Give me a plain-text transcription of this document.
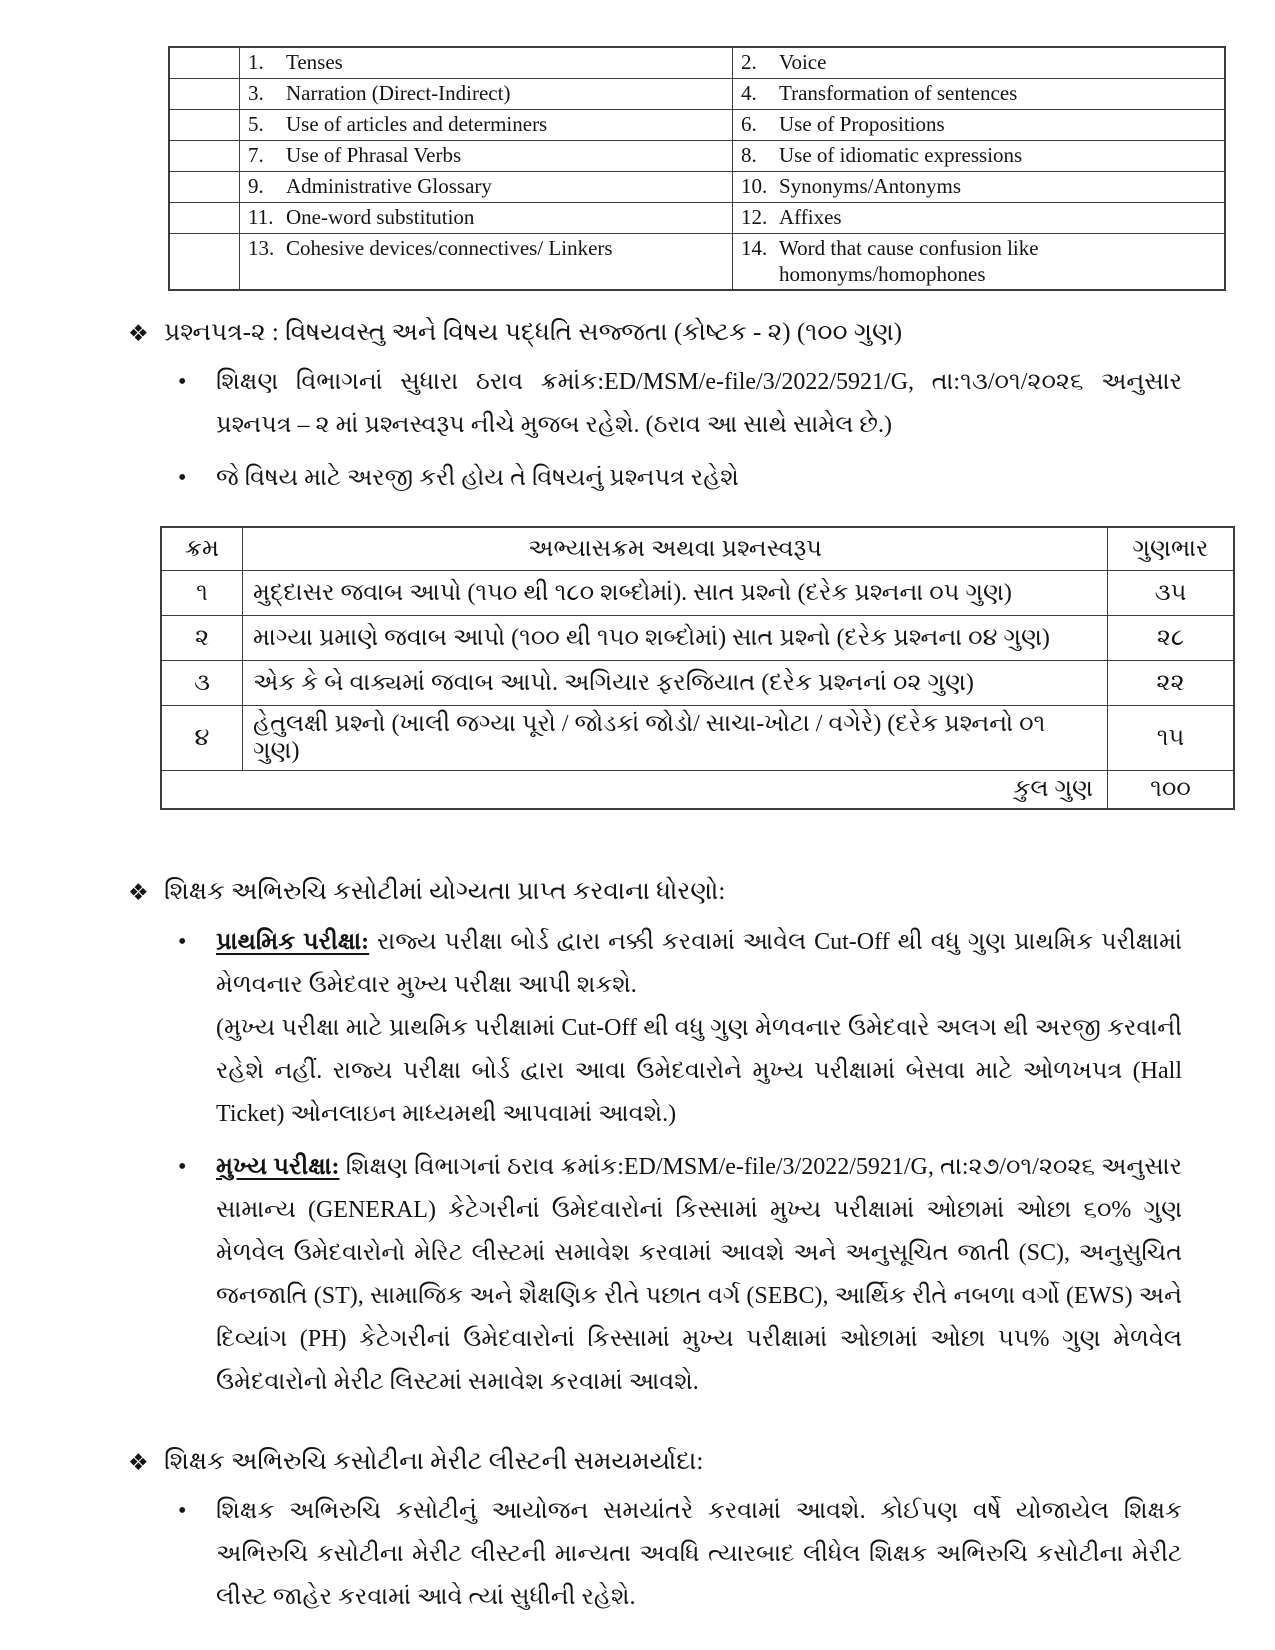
	1. Tenses	2. Voice

	3. Narration (Direct-Indirect)	4. Transformation of sentences

	5. Use of articles and determiners	6. Use of Propositions

	7. Use of Phrasal Verbs	8. Use of idiomatic expressions

	9. Administrative Glossary	10. Synonyms/Antonyms

	11. One-word substitution	12. Affixes

	13. Cohesive devices/connectives/ Linkers	14. Word that cause confusion like homonyms/homophones
❖ પ્રશ્નપત્ર-૨ : વિષયવસ્તુ અને વિષય પદ્ધતિ સજ્જતા (કોષ્ટક - ૨) (૧૦૦ ગુણ)
•	શિક્ષણ વિભાગનાં સુધારા ઠરાવ ક્રમાંક:ED/MSM/e-file/3/2022/5921/G, તા:૧૩/૦૧/૨૦૨૬ અનુસાર પ્રશ્નપત્ર – ૨ માં પ્રશ્નસ્વરૂપ નીચે મુજબ રહેશે. (ઠરાવ આ સાથે સામેલ છે.)
•	જે વિષય માટે અરજી કરી હોય તે વિષયનું પ્રશ્નપત્ર રહેશે
ક્રમ	અભ્યાસક્રમ અથવા પ્રશ્નસ્વરૂપ	ગુણભાર
૧	મુદ્દાસર જવાબ આપો (૧૫૦ થી ૧૮૦ શબ્દોમાં). સાત પ્રશ્નો (દરેક પ્રશ્નના ૦૫ ગુણ)	૩૫
૨	માગ્યા પ્રમાણે જવાબ આપો (૧૦૦ થી ૧૫૦ શબ્દોમાં) સાત પ્રશ્નો (દરેક પ્રશ્નના ૦૪ ગુણ)	૨૮
૩	એક કે બે વાક્યમાં જવાબ આપો. અગિયાર ફરજિયાત (દરેક પ્રશ્નનાં ૦૨ ગુણ)	૨૨
૪	હેતુલક્ષી પ્રશ્નો (ખાલી જગ્યા પૂરો / જોડકાં જોડો/ સાચા-ખોટા / વગેરે) (દરેક પ્રશ્નનો ૦૧ ગુણ)	૧૫
કુલ ગુણ		૧૦૦
❖ શિક્ષક અભિરુચિ કસોટીમાં યોગ્યતા પ્રાપ્ત કરવાના ધોરણો:
•	પ્રાથમિક પરીક્ષા: રાજ્ય પરીક્ષા બોર્ડ દ્વારા નક્કી કરવામાં આવેલ Cut-Off થી વધુ ગુણ પ્રાથમિક પરીક્ષામાં મેળવનાર ઉમેદવાર મુખ્ય પરીક્ષા આપી શકશે.
(મુખ્ય પરીક્ષા માટે પ્રાથમિક પરીક્ષામાં Cut-Off થી વધુ ગુણ મેળવનાર ઉમેદવારે અલગ થી અરજી કરવાની રહેશે નહીં. રાજ્ય પરીક્ષા બોર્ડ દ્વારા આવા ઉમેદવારોને મુખ્ય પરીક્ષામાં બેસવા માટે ઓળખપત્ર (Hall Ticket) ઓનલાઇન માધ્યમથી આપવામાં આવશે.)
•	મુખ્ય પરીક્ષા: શિક્ષણ વિભાગનાં ઠરાવ ક્રમાંક:ED/MSM/e-file/3/2022/5921/G, તા:૨૭/૦૧/૨૦૨૬ અનુસાર સામાન્ય (GENERAL) કેટેગરીનાં ઉમેદવારોનાં કિસ્સામાં મુખ્ય પરીક્ષામાં ઓછામાં ઓછા ૬૦% ગુણ મેળવેલ ઉમેદવારોનો મેરિટ લીસ્ટમાં સમાવેશ કરવામાં આવશે અને અનુસૂચિત જાતી (SC), અનુસુચિત જનજાતિ (ST), સામાજિક અને શૈક્ષણિક રીતે પછાત વર્ગ (SEBC), આર્થિક રીતે નબળા વર્ગો (EWS) અને દિવ્યાંગ (PH) કેટેગરીનાં ઉમેદવારોનાં કિસ્સામાં મુખ્ય પરીક્ષામાં ઓછામાં ઓછા ૫૫% ગુણ મેળવેલ ઉમેદવારોનો મેરીટ લિસ્ટમાં સમાવેશ કરવામાં આવશે.
❖ શિક્ષક અભિરુચિ કસોટીના મેરીટ લીસ્ટની સમયમર્યાદા:
•	શિક્ષક અભિરુચિ કસોટીનું આયોજન સમયાંતરે કરવામાં આવશે. કોઈપણ વર્ષે યોજાયેલ શિક્ષક અભિરુચિ કસોટીના મેરીટ લીસ્ટની માન્યતા અવધિ ત્યારબાદ લીધેલ શિક્ષક અભિરુચિ કસોટીના મેરીટ લીસ્ટ જાહેર કરવામાં આવે ત્યાં સુધીની રહેશે.
